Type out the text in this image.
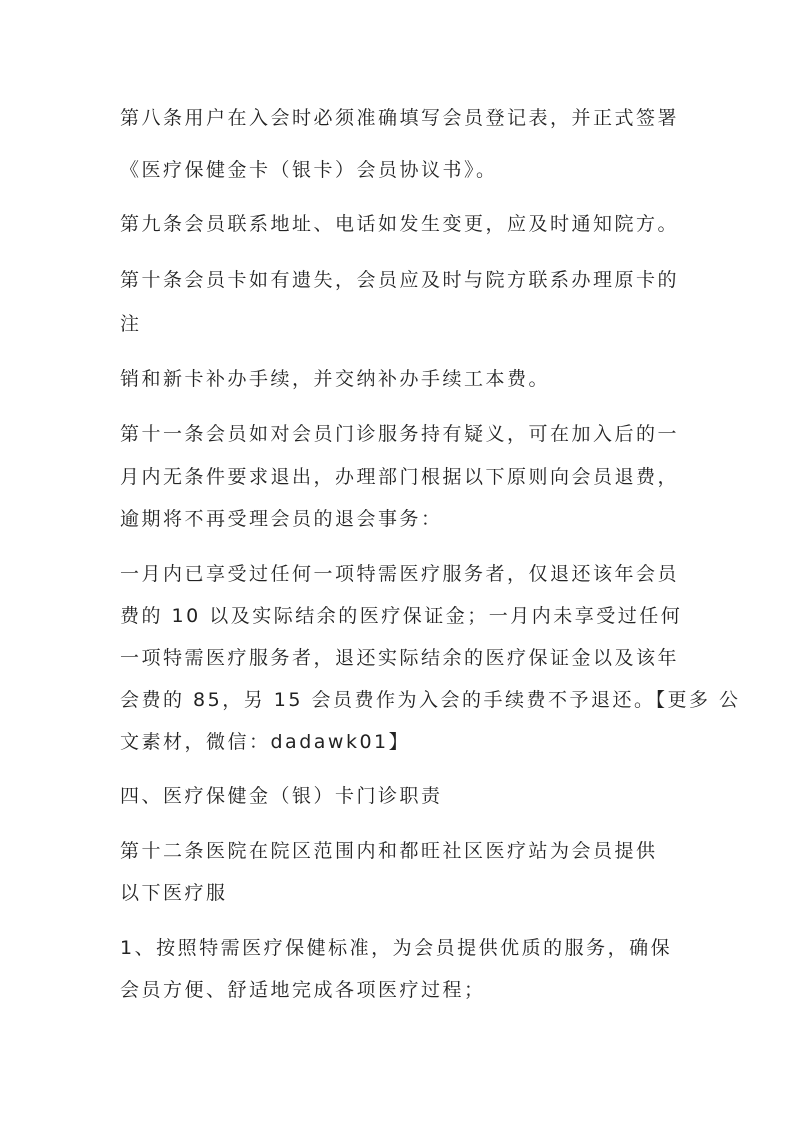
第八条用户在入会时必须准确填写会员登记表，并正式签署
《医疗保健金卡（银卡）会员协议书》。
第九条会员联系地址、电话如发生变更，应及时通知院方。
第十条会员卡如有遗失，会员应及时与院方联系办理原卡的
注
销和新卡补办手续，并交纳补办手续工本费。
第十一条会员如对会员门诊服务持有疑义，可在加入后的一
月内无条件要求退出，办理部门根据以下原则向会员退费，
逾期将不再受理会员的退会事务：
一月内已享受过任何一项特需医疗服务者，仅退还该年会员
费的 10 以及实际结余的医疗保证金；一月内未享受过任何
一项特需医疗服务者，退还实际结余的医疗保证金以及该年
会费的 85，另 15 会员费作为入会的手续费不予退还。【更多 公
文素材，微信：dadawk01】
四、医疗保健金（银）卡门诊职责
第十二条医院在院区范围内和都旺社区医疗站为会员提供
以下医疗服
1、按照特需医疗保健标准，为会员提供优质的服务，确保
会员方便、舒适地完成各项医疗过程；
